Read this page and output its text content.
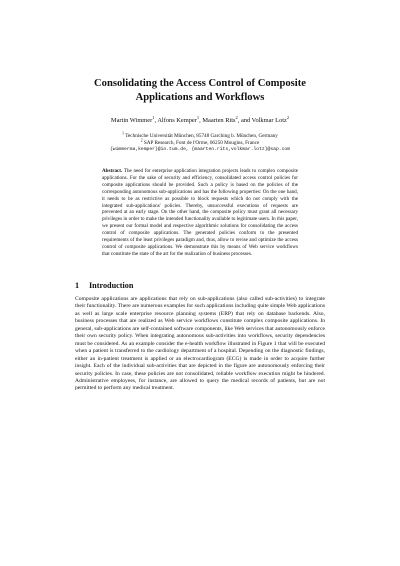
Consolidating the Access Control of Composite
Applications and Workflows
Martin Wimmer$^1$, Alfons Kemper$^1$, Maarten Rits$^2$, and Volkmar Lotz$^2$
$^1$ Technische Universität München, 85748 Garching b. München, Germany
$^2$ SAP Research, Font de l'Orme, 06250 Mougins, France
{wimmerma,kemper}@in.tum.de, {maarten.rits,volkmar.lotz}@sap.com
Abstract. The need for enterprise application integration projects leads to complex composite applications. For the sake of security and efficiency, consolidated access control policies for composite applications should be provided. Such a policy is based on the policies of the corresponding autonomous sub-applications and has the following properties: On the one hand, it needs to be as restrictive as possible to block requests which do not comply with the integrated sub-applications' policies. Thereby, unsuccessful executions of requests are prevented at an early stage. On the other hand, the composite policy must grant all necessary privileges in order to make the intended functionality available to legitimate users. In this paper, we present our formal model and respective algorithmic solutions for consolidating the access control of composite applications. The generated policies conform to the presented requirements of the least privileges paradigm and, thus, allow to revise and optimize the access control of composite applications. We demonstrate this by means of Web service workflows that constitute the state of the art for the realization of business processes.
1 Introduction
Composite applications are applications that rely on sub-applications (also called sub-activities) to integrate their functionality. There are numerous examples for such applications including quite simple Web applications as well as large scale enterprise resource planning systems (ERP) that rely on database backends. Also, business processes that are realized as Web service workflows constitute complex composite applications. In general, sub-applications are self-contained software components, like Web services that autonomously enforce their own security policy. When integrating autonomous sub-activities into workflows, security dependencies must be considered. As an example consider the e-health workflow illustrated in Figure 1 that will be executed when a patient is transferred to the cardiology department of a hospital. Depending on the diagnostic findings, either an in-patient treatment is applied or an electrocardiogram (ECG) is made in order to acquire further insight. Each of the individual sub-activities that are depicted in the figure are autonomously enforcing their security policies. In case, these policies are not consolidated, reliable workflow execution might be hindered. Administrative employees, for instance, are allowed to query the medical records of patients, but are not permitted to perform any medical treatment.
